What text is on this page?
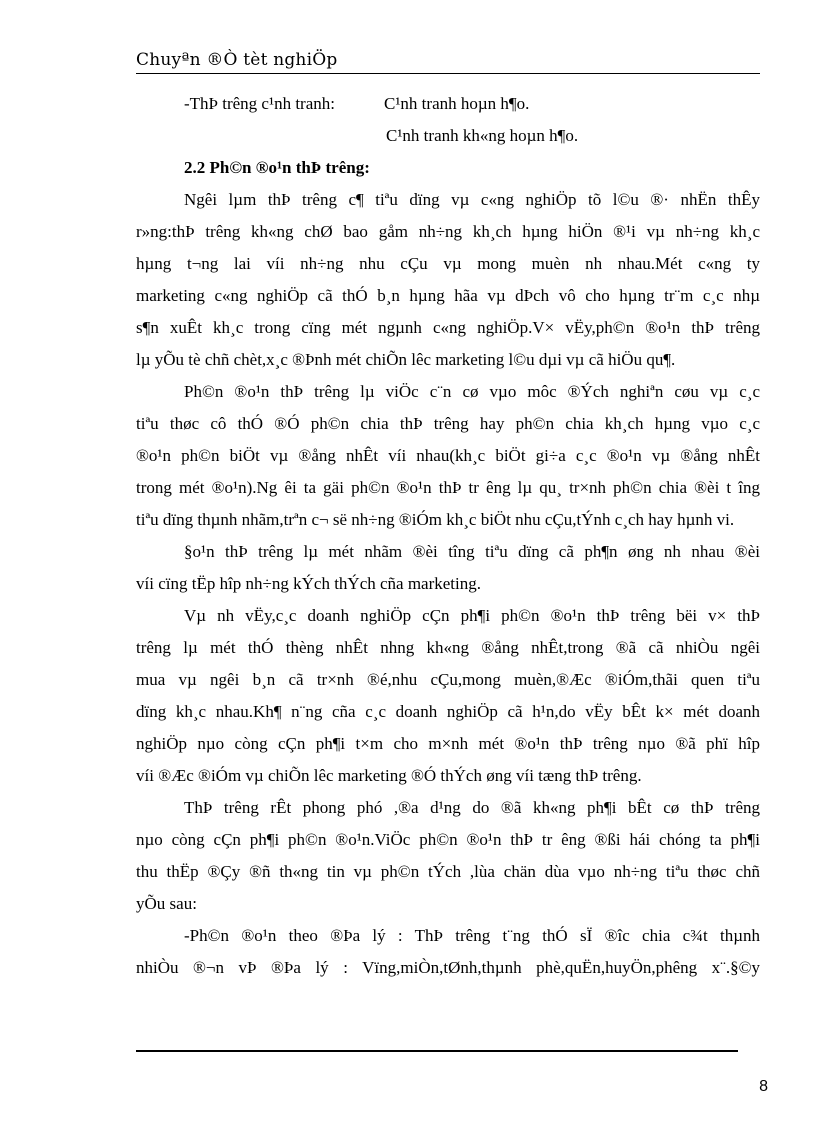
Chuyªn ®Ò tèt nghiÖp
-ThÞ trêng c¹nh tranh:	C¹nh tranh hoµn h¶o.
C¹nh tranh kh«ng hoµn h¶o.
2.2 Ph©n ®o¹n thÞ trêng:
Ngêi lµm thÞ trêng c¶ tiªu dïng vµ c«ng nghiÖp tõ l©u ®· nhËn thÊy
r»ng:thÞ trêng kh«ng chØ bao gåm nh÷ng kh¸ch hµng hiÖn ®¹i vµ nh÷ng kh¸c
hµng t¬ng lai víi nh÷ng nhu cÇu vµ mong muèn nh nhau.Mét c«ng ty
marketing c«ng nghiÖp cã thÓ b¸n hµng hãa vµ dÞch vô cho hµng tr¨m c¸c nhµ
s¶n xuÊt kh¸c trong cïng mét ngµnh c«ng nghiÖp.V× vËy,ph©n ®o¹n thÞ trêng
lµ yÕu tè chñ chèt,x¸c ®Þnh mét chiÕn lêc marketing l©u dµi vµ cã hiÖu qu¶.
Ph©n ®o¹n thÞ trêng lµ viÖc c¨n cø vµo môc ®Ých nghiªn cøu vµ c¸c
tiªu thøc cô thÓ ®Ó ph©n chia thÞ trêng hay ph©n chia kh¸ch hµng vµo c¸c
®o¹n ph©n biÖt vµ ®ång nhÊt víi nhau(kh¸c biÖt gi÷a c¸c ®o¹n vµ ®ång nhÊt
trong mét ®o¹n).Ng êi ta gäi ph©n ®o¹n thÞ tr êng lµ qu¸ tr×nh ph©n chia ®èi t îng
tiªu dïng thµnh nhãm,trªn c¬ së nh÷ng ®iÓm kh¸c biÖt nhu cÇu,tÝnh c¸ch hay hµnh vi.
§o¹n thÞ trêng lµ mét nhãm ®èi tîng tiªu dïng cã ph¶n øng nh nhau ®èi
víi cïng tËp hîp nh÷ng kÝch thÝch cña marketing.
Vµ nh vËy,c¸c doanh nghiÖp cÇn ph¶i ph©n ®o¹n thÞ trêng bëi v× thÞ
trêng lµ mét thÓ thèng nhÊt nhng kh«ng ®ång nhÊt,trong ®ã cã nhiÒu ngêi
mua vµ ngêi b¸n cã tr×nh ®é,nhu cÇu,mong muèn,®Æc ®iÓm,thãi quen tiªu
dïng kh¸c nhau.Kh¶ n¨ng cña c¸c doanh nghiÖp cã h¹n,do vËy bÊt k× mét doanh
nghiÖp nµo còng cÇn ph¶i t×m cho m×nh mét ®o¹n thÞ trêng nµo ®ã phï hîp
víi ®Æc ®iÓm vµ chiÕn lêc marketing ®Ó thÝch øng víi tæng thÞ trêng.
ThÞ trêng rÊt phong phó ,®a d¹ng do ®ã kh«ng ph¶i bÊt cø thÞ trêng
nµo còng cÇn ph¶i ph©n ®o¹n.ViÖc ph©n ®o¹n thÞ tr êng ®ßi hái chóng ta ph¶i
thu thËp ®Çy ®ñ th«ng tin vµ ph©n tÝch ,lùa chän dùa vµo nh÷ng tiªu thøc chñ
yÕu sau:
-Ph©n ®o¹n theo ®Þa lý : ThÞ trêng t¨ng thÓ sÏ ®îc chia c¾t thµnh
nhiÒu ®¬n vÞ ®Þa lý : Vïng,miÒn,tØnh,thµnh phè,quËn,huyÖn,phêng x¨.§©y
8
